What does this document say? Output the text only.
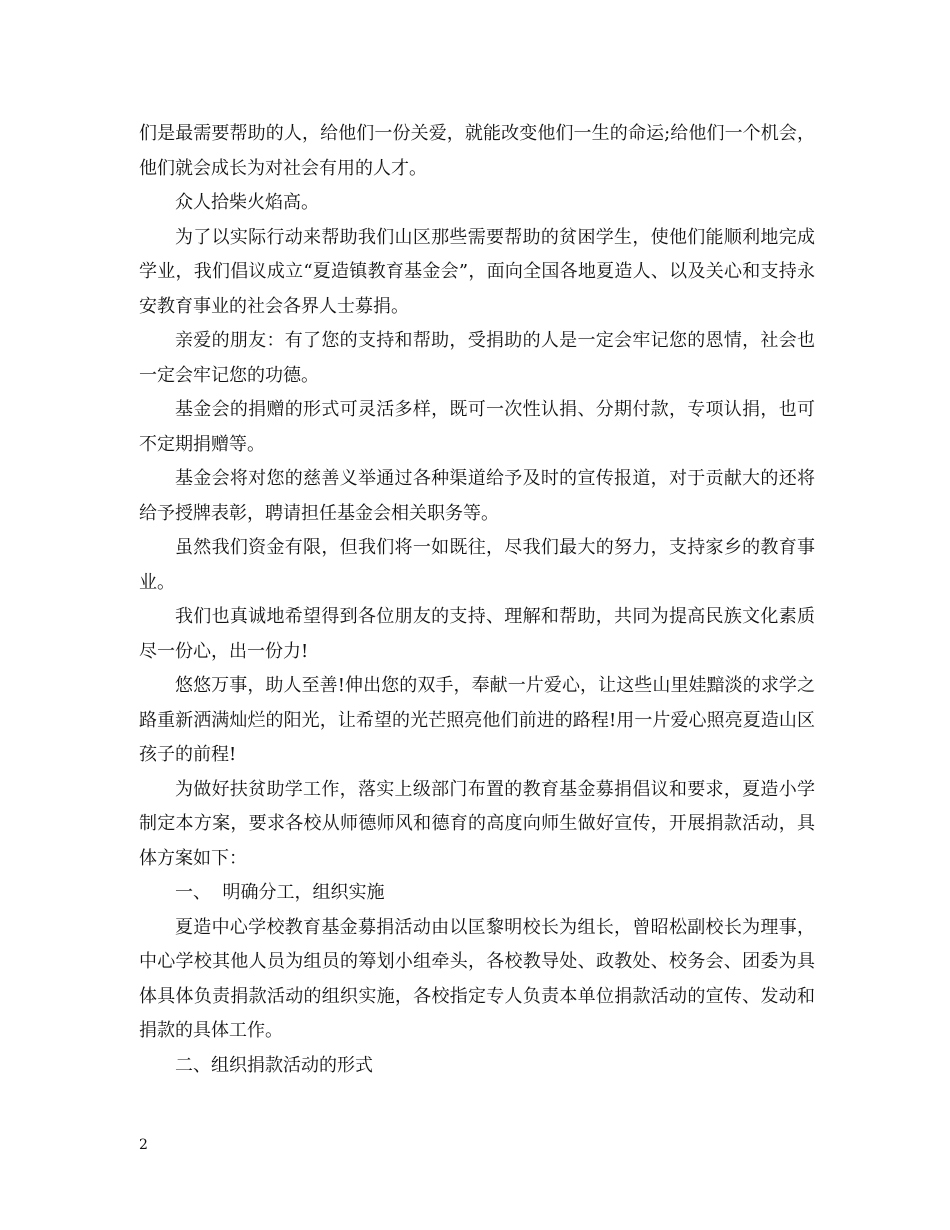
们是最需要帮助的人，给他们一份关爱，就能改变他们一生的命运;给他们一个机会，他们就会成长为对社会有用的人才。

众人拾柴火焰高。

为了以实际行动来帮助我们山区那些需要帮助的贫困学生，使他们能顺利地完成学业，我们倡议成立“夏造镇教育基金会”，面向全国各地夏造人、以及关心和支持永安教育事业的社会各界人士募捐。

亲爱的朋友：有了您的支持和帮助，受捐助的人是一定会牢记您的恩情，社会也一定会牢记您的功德。

基金会的捐赠的形式可灵活多样，既可一次性认捐、分期付款，专项认捐，也可不定期捐赠等。

基金会将对您的慈善义举通过各种渠道给予及时的宣传报道，对于贡献大的还将给予授牌表彰，聘请担任基金会相关职务等。

虽然我们资金有限，但我们将一如既往，尽我们最大的努力，支持家乡的教育事业。

我们也真诚地希望得到各位朋友的支持、理解和帮助，共同为提高民族文化素质尽一份心，出一份力!

悠悠万事，助人至善!伸出您的双手，奉献一片爱心，让这些山里娃黯淡的求学之路重新洒满灿烂的阳光，让希望的光芒照亮他们前进的路程!用一片爱心照亮夏造山区孩子的前程!

为做好扶贫助学工作，落实上级部门布置的教育基金募捐倡议和要求，夏造小学制定本方案，要求各校从师德师风和德育的高度向师生做好宣传，开展捐款活动，具体方案如下：

一、  明确分工，组织实施

夏造中心学校教育基金募捐活动由以匡黎明校长为组长，曾昭松副校长为理事，中心学校其他人员为组员的筹划小组牵头，各校教导处、政教处、校务会、团委为具体具体负责捐款活动的组织实施，各校指定专人负责本单位捐款活动的宣传、发动和捐款的具体工作。

二、组织捐款活动的形式

2
